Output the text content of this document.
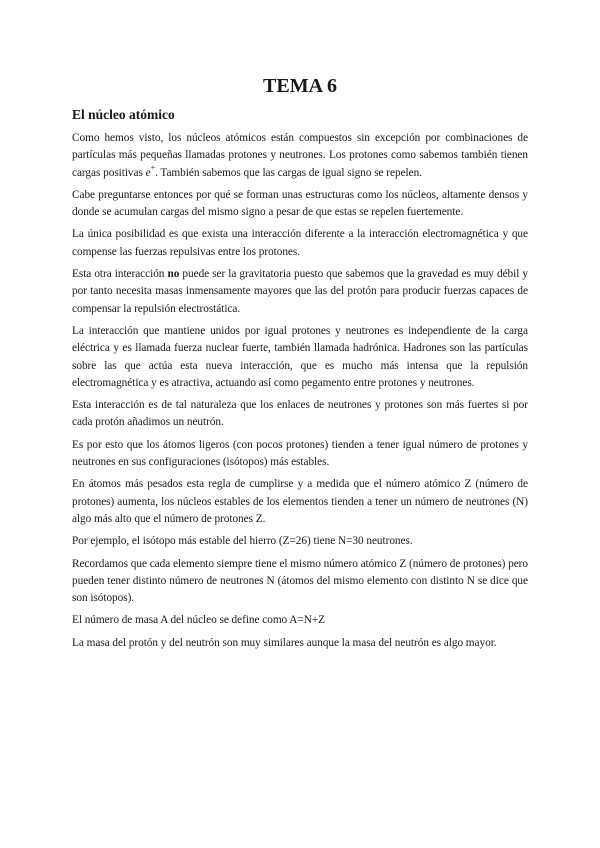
TEMA 6
El núcleo atómico

Como hemos visto, los núcleos atómicos están compuestos sin excepción por combinaciones de partículas más pequeñas llamadas protones y neutrones. Los protones como sabemos también tienen cargas positivas e+. También sabemos que las cargas de igual signo se repelen.

Cabe preguntarse entonces por qué se forman unas estructuras como los núcleos, altamente densos y donde se acumulan cargas del mismo signo a pesar de que estas se repelen fuertemente.

La única posibilidad es que exista una interacción diferente a la interacción electromagnética y que compense las fuerzas repulsivas entre los protones.

Esta otra interacción no puede ser la gravitatoria puesto que sabemos que la gravedad es muy débil y por tanto necesita masas inmensamente mayores que las del protón para producir fuerzas capaces de compensar la repulsión electrostática.

La interacción que mantiene unidos por igual protones y neutrones es independiente de la carga eléctrica y es llamada fuerza nuclear fuerte, también llamada hadrónica. Hadrones son las partículas sobre las que actúa esta nueva interacción, que es mucho más intensa que la repulsión electromagnética y es atractiva, actuando así como pegamento entre protones y neutrones.

Esta interacción es de tal naturaleza que los enlaces de neutrones y protones son más fuertes si por cada protón añadimos un neutrón.

Es por esto que los átomos ligeros (con pocos protones) tienden a tener igual número de protones y neutrones en sus configuraciones (isótopos) más estables.

En átomos más pesados esta regla de cumplirse y a medida que el número atómico Z (número de protones) aumenta, los núcleos estables de los elementos tienden a tener un número de neutrones (N) algo más alto que el número de protones Z.

Por ejemplo, el isótopo más estable del hierro (Z=26) tiene N=30 neutrones.

Recordamos que cada elemento siempre tiene el mismo número atómico Z (número de protones) pero pueden tener distinto número de neutrones N (átomos del mismo elemento con distinto N se dice que son isótopos).

El número de masa A del núcleo se define como A=N+Z

La masa del protón y del neutrón son muy similares aunque la masa del neutrón es algo mayor.
